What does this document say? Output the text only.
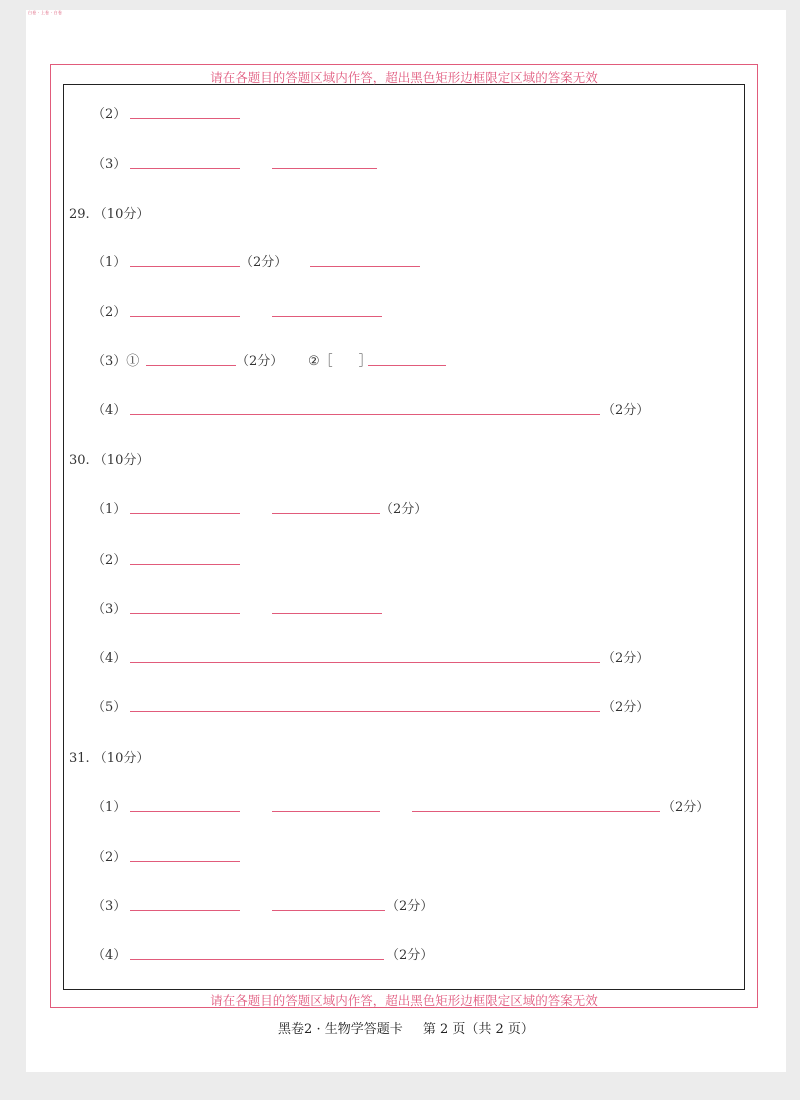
白卷 · 上卷 · 白卷
请在各题目的答题区域内作答，超出黑色矩形边框限定区域的答案无效
（2）
（3）
29. （10分）
（1）	（2分）
（2）
（3）①	（2分） ②［　　］
（4）	（2分）
30. （10分）
（1）	（2分）
（2）
（3）
（4）	（2分）
（5）	（2分）
31. （10分）
（1）	（2分）
（2）
（3）	（2分）
（4）	（2分）
请在各题目的答题区域内作答，超出黑色矩形边框限定区域的答案无效
黑卷2 · 生物学答题卡 第 2 页（共 2 页）
